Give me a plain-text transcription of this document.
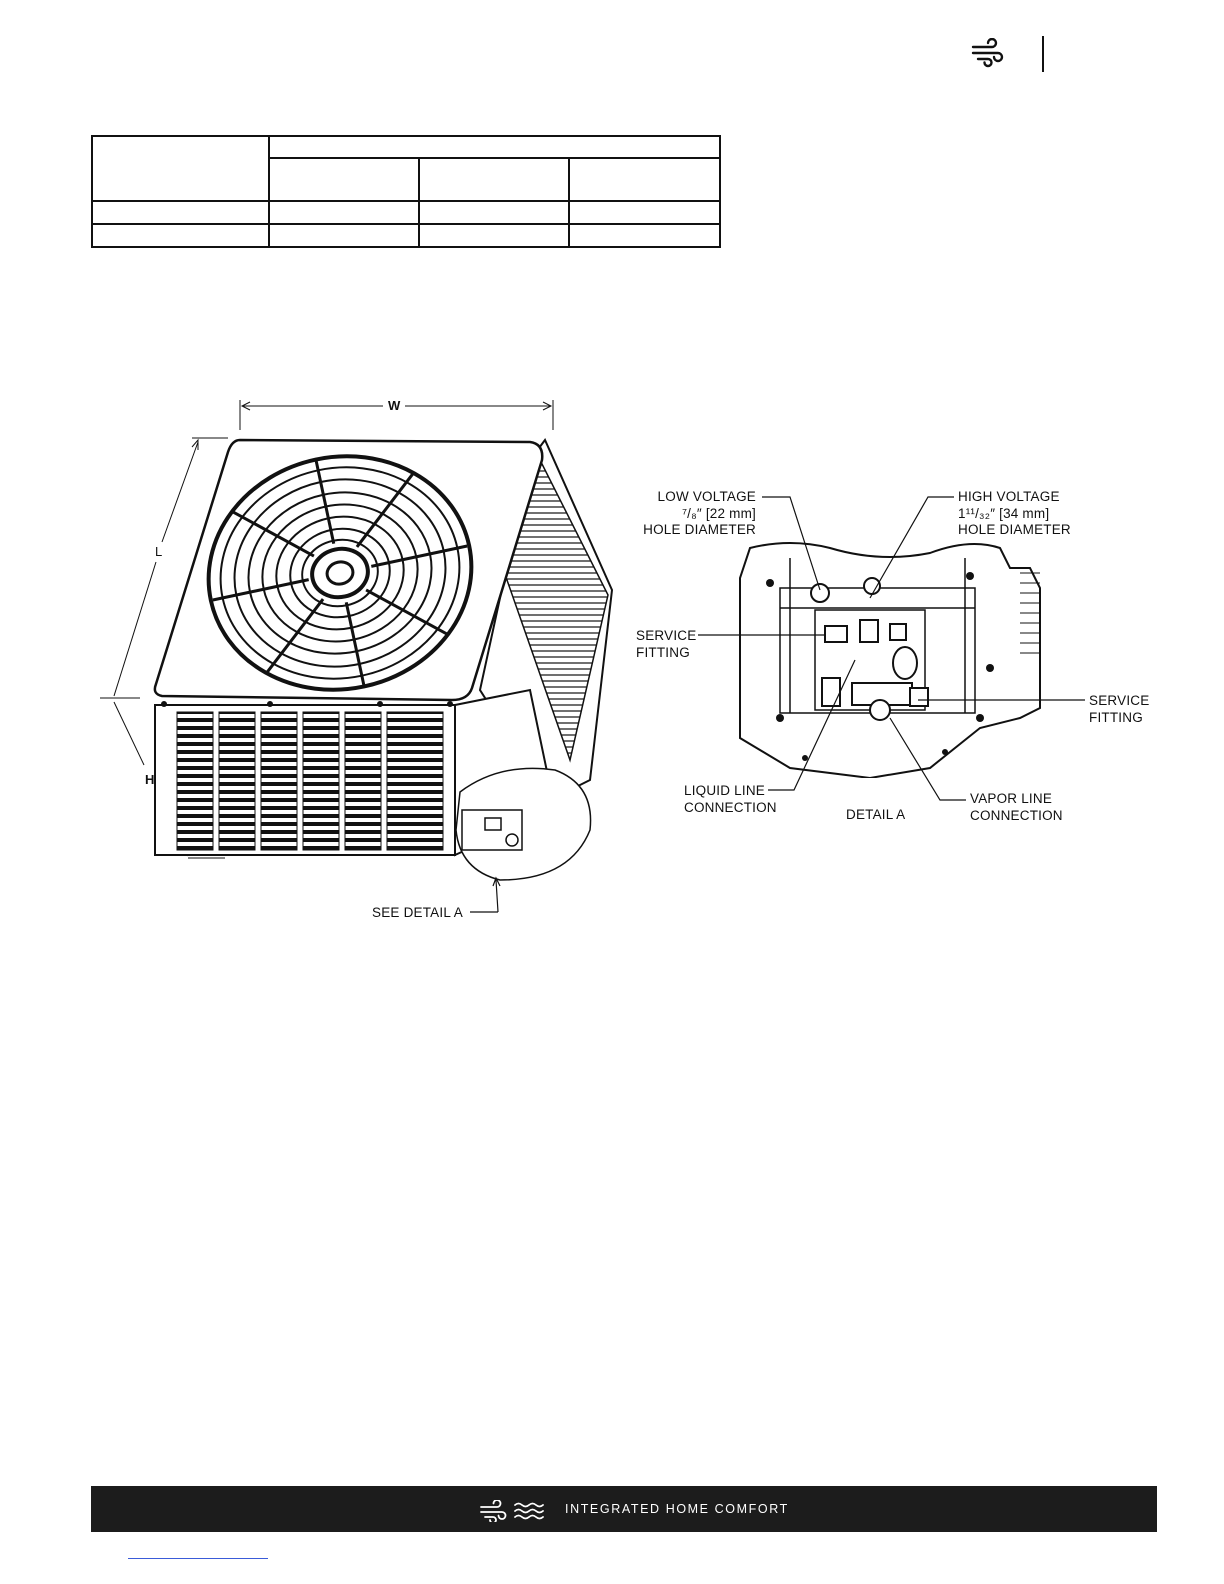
W
L
H
SEE DETAIL A
LOW VOLTAGE
⁷/₈″ [22 mm]
HOLE DIAMETER
HIGH VOLTAGE
1¹¹/₃₂″ [34 mm]
HOLE DIAMETER
SERVICE
FITTING
SERVICE
FITTING
LIQUID LINE
CONNECTION
VAPOR LINE
CONNECTION
DETAIL A
INTEGRATED HOME COMFORT
